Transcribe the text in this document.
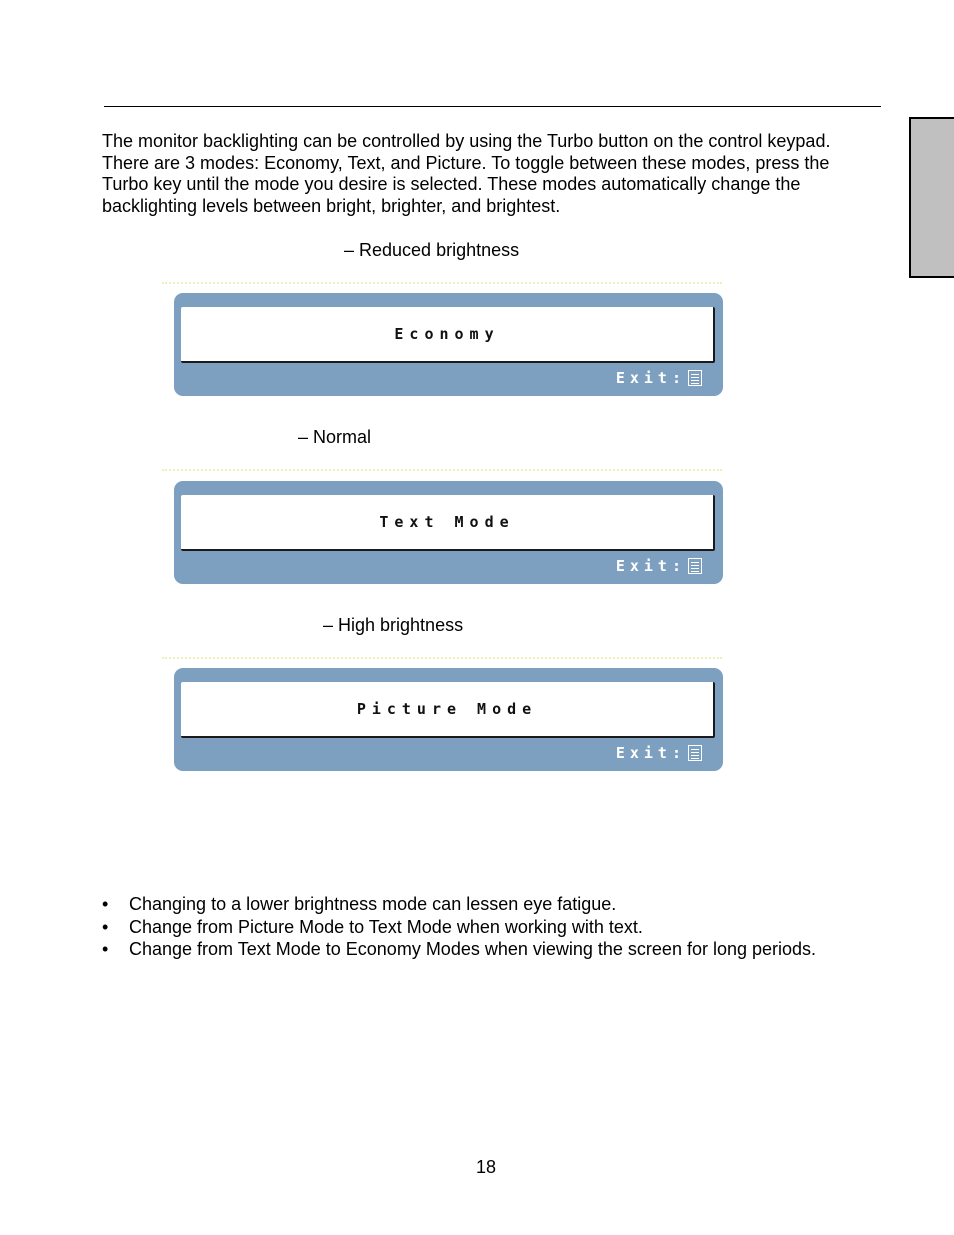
The monitor backlighting can be controlled by using the Turbo button on the control keypad. There are 3 modes: Economy, Text, and Picture. To toggle between these modes, press the Turbo key until the mode you desire is selected. These modes automatically change the backlighting levels between bright, brighter, and brightest.

– Reduced brightness

Economy
Exit:

– Normal

Text Mode
Exit:

– High brightness

Picture Mode
Exit:
• Changing to a lower brightness mode can lessen eye fatigue.
• Change from Picture Mode to Text Mode when working with text.
• Change from Text Mode to Economy Modes when viewing the screen for long periods.

18
